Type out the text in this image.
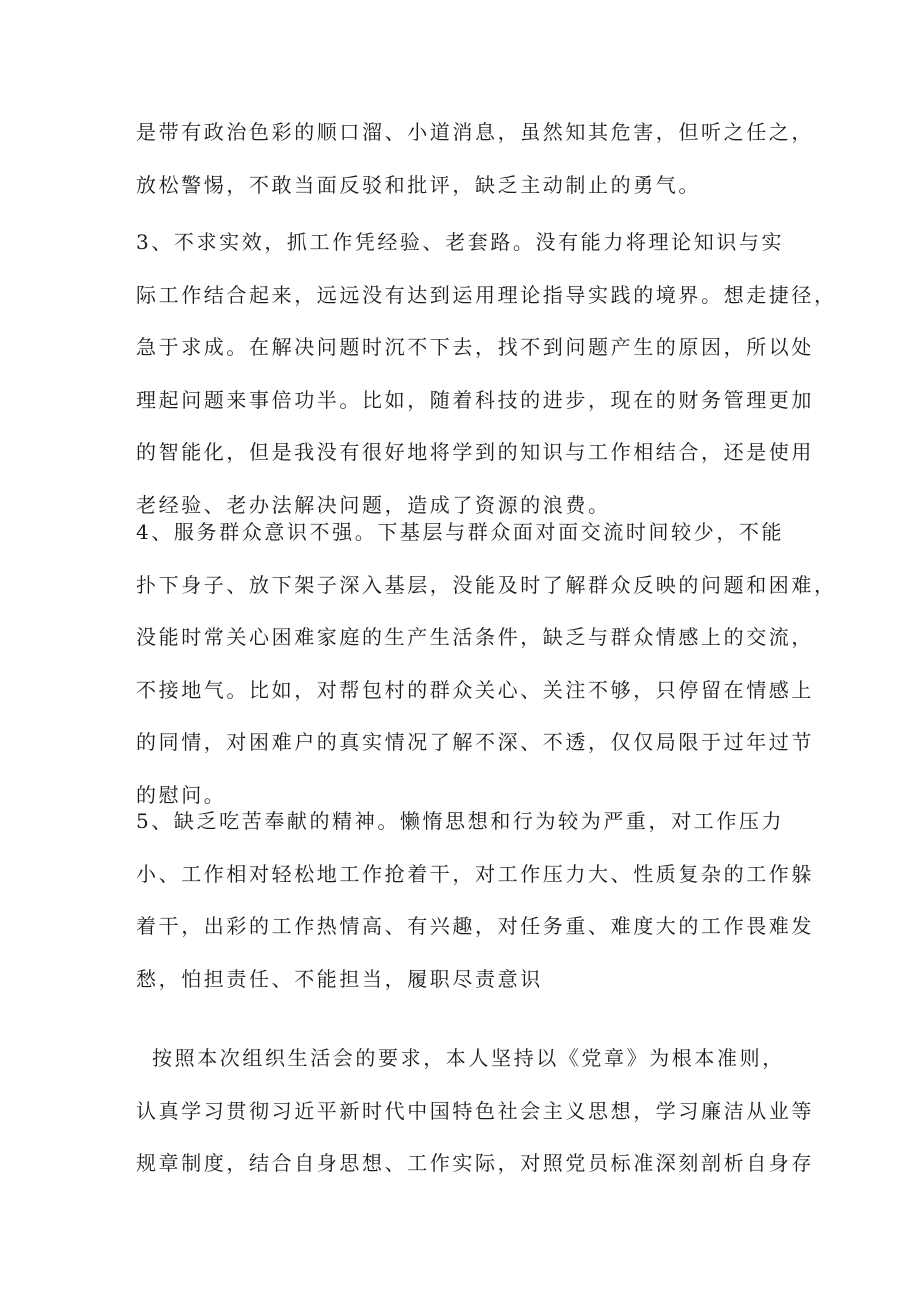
是带有政治色彩的顺口溜、小道消息，虽然知其危害，但听之任之，
放松警惕，不敢当面反驳和批评，缺乏主动制止的勇气。

3、不求实效，抓工作凭经验、老套路。没有能力将理论知识与实
际工作结合起来，远远没有达到运用理论指导实践的境界。想走捷径，
急于求成。在解决问题时沉不下去，找不到问题产生的原因，所以处
理起问题来事倍功半。比如，随着科技的进步，现在的财务管理更加
的智能化，但是我没有很好地将学到的知识与工作相结合，还是使用
老经验、老办法解决问题，造成了资源的浪费。

4、服务群众意识不强。下基层与群众面对面交流时间较少，不能
扑下身子、放下架子深入基层，没能及时了解群众反映的问题和困难，
没能时常关心困难家庭的生产生活条件，缺乏与群众情感上的交流，
不接地气。比如，对帮包村的群众关心、关注不够，只停留在情感上
的同情，对困难户的真实情况了解不深、不透，仅仅局限于过年过节
的慰问。

5、缺乏吃苦奉献的精神。懒惰思想和行为较为严重，对工作压力
小、工作相对轻松地工作抢着干，对工作压力大、性质复杂的工作躲
着干，出彩的工作热情高、有兴趣，对任务重、难度大的工作畏难发
愁，怕担责任、不能担当，履职尽责意识

按照本次组织生活会的要求，本人坚持以《党章》为根本准则，
认真学习贯彻习近平新时代中国特色社会主义思想，学习廉洁从业等
规章制度，结合自身思想、工作实际，对照党员标准深刻剖析自身存
